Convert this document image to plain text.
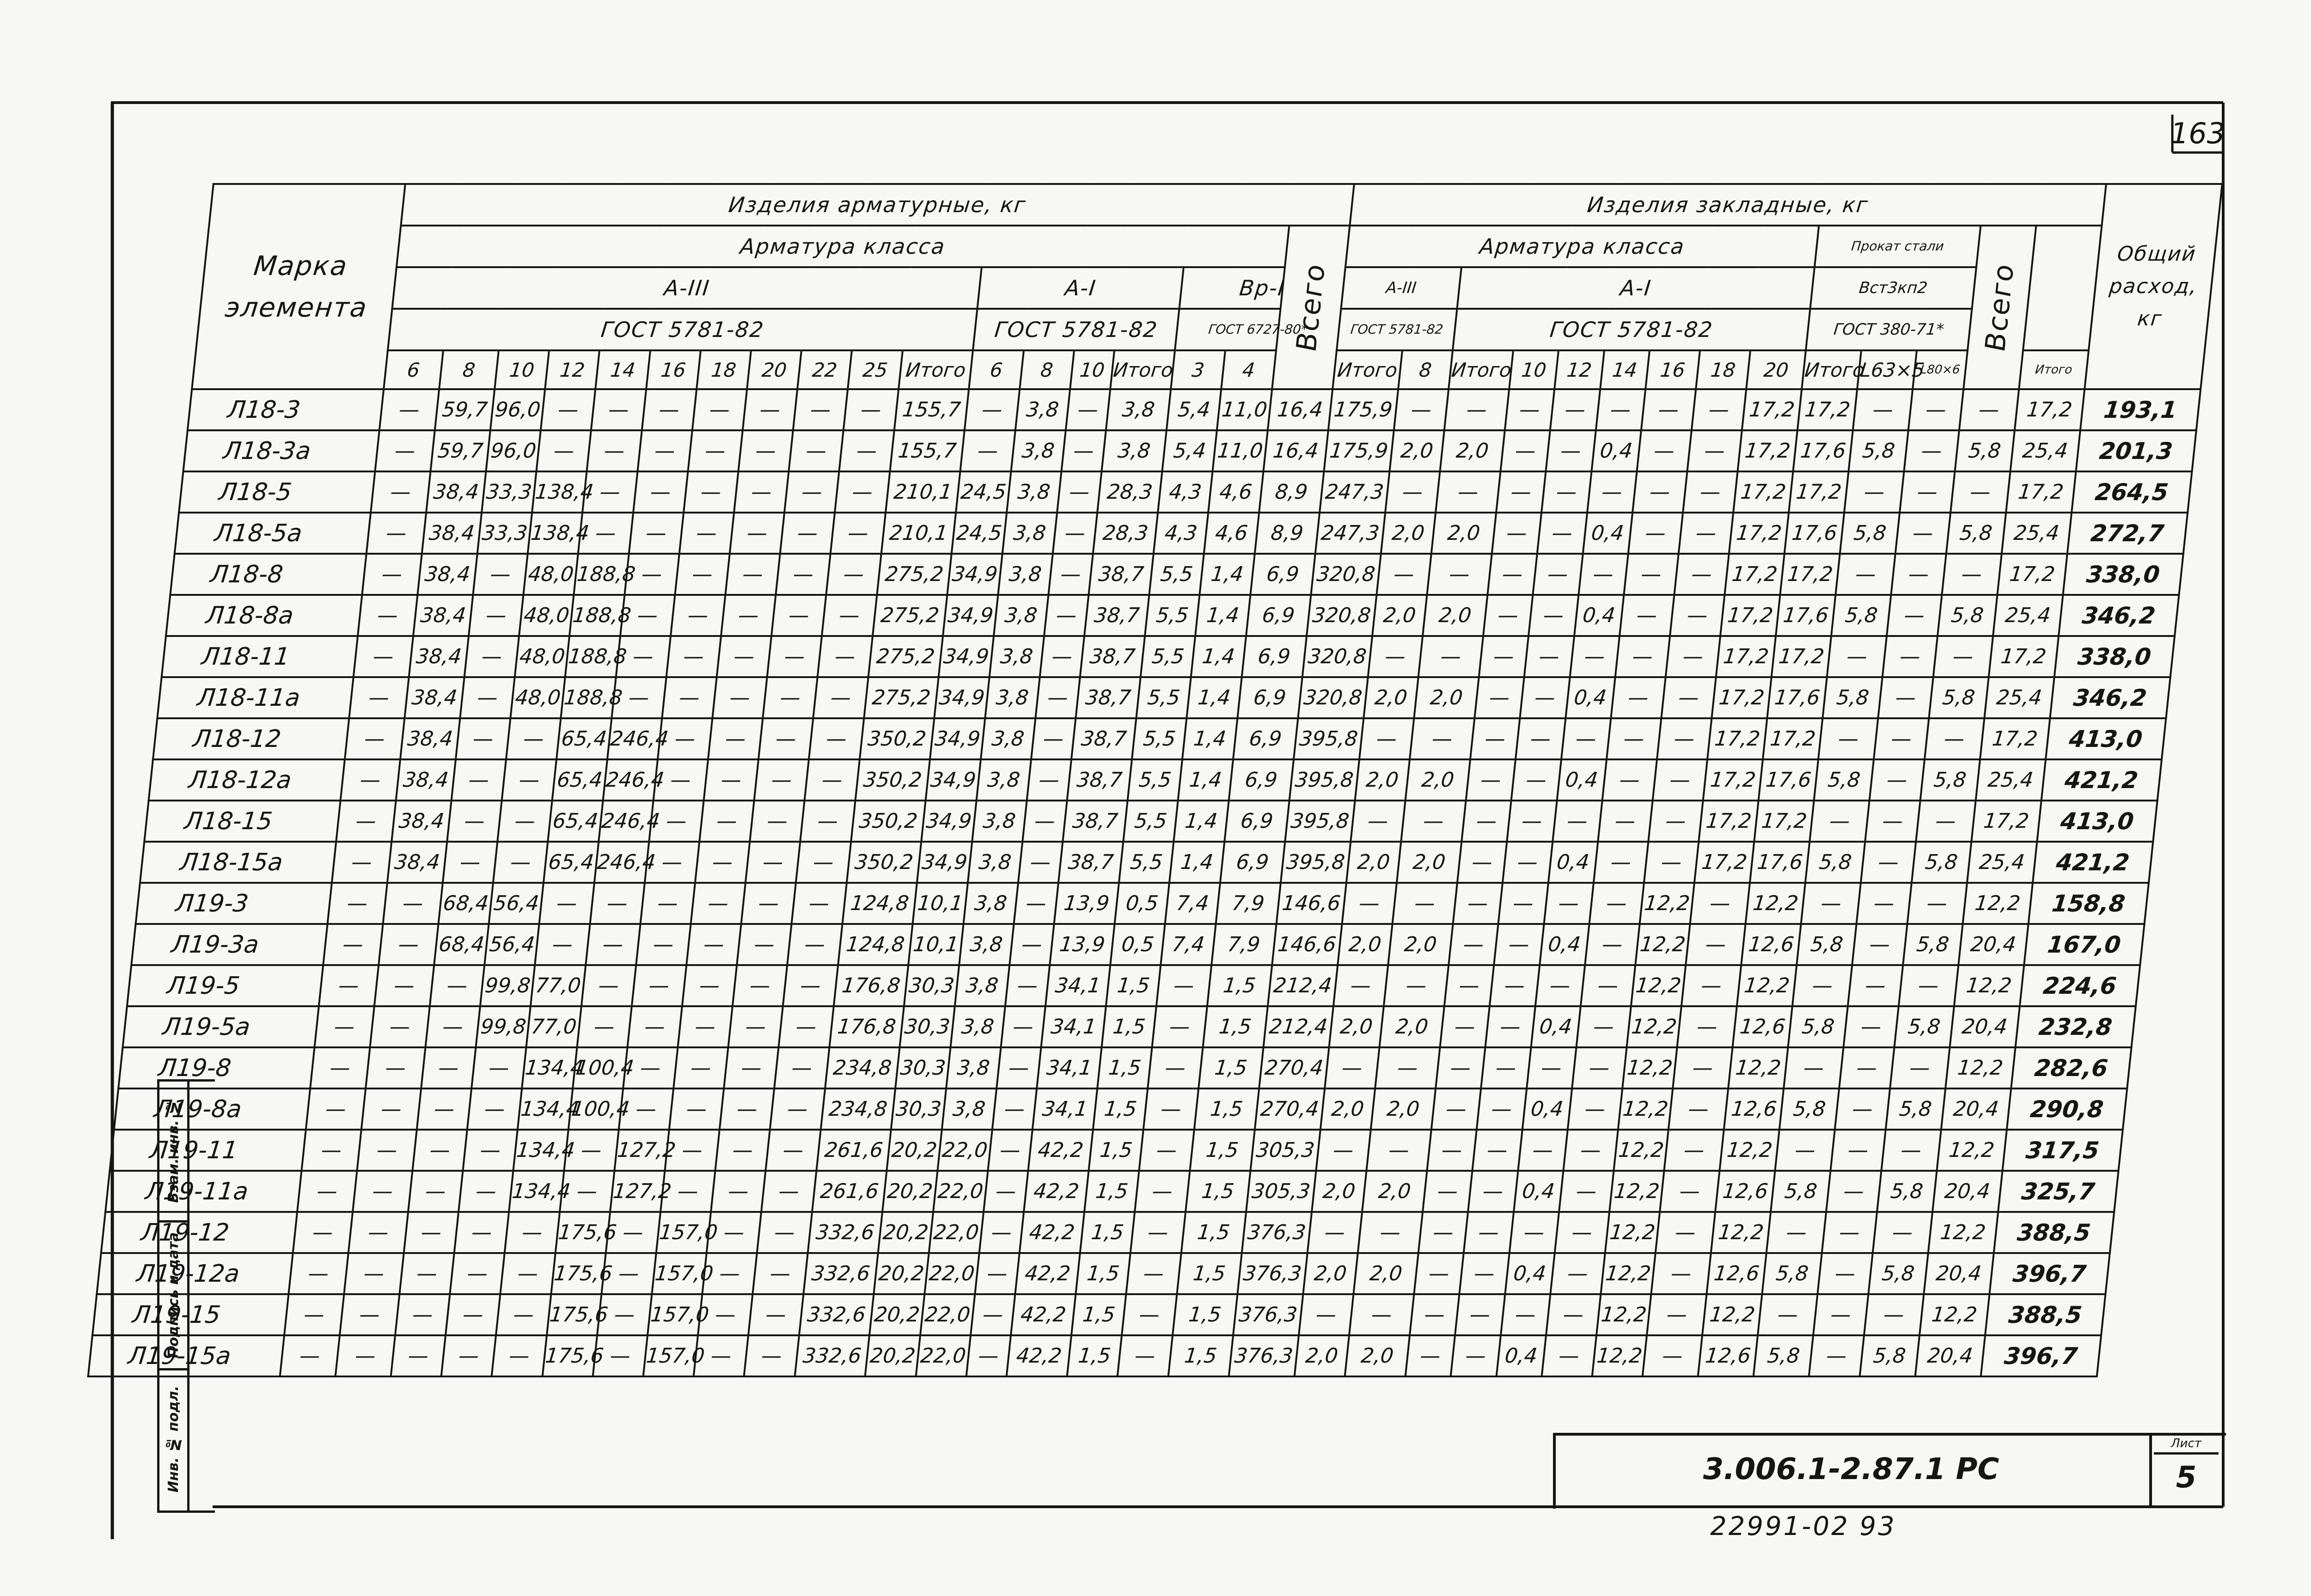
163
Марка элемента	Изделия арматурные, кг																		Изделия закладные, кг														Общий расход, кг
	Арматура класса																	Всего	Арматура класса									Прокат стали			Всего		
	А-III											А-I				Вр-I			А-III		А-I							Вст3кп2					
	ГОСТ 5781-82											ГОСТ 5781-82				ГОСТ 6727-80*			ГОСТ 5781-82		ГОСТ 5781-82							ГОСТ 380-71*					
	6	8	10	12	14	16	18	20	22	25	Итого	6	8	10	Итого	3	4		Итого	8	Итого	10	12	14	16	18	20	Итого	L63×5	L80×6		Итого	
Л18-3	—	59,7	96,0	—	—	—	—	—	—	—	155,7	—	3,8	—	3,8	5,4	11,0	16,4	175,9	—	—	—	—	—	—	—	17,2	17,2	—	—	—	17,2	193,1
Л18-3а	—	59,7	96,0	—	—	—	—	—	—	—	155,7	—	3,8	—	3,8	5,4	11,0	16,4	175,9	2,0	2,0	—	—	0,4	—	—	17,2	17,6	5,8	—	5,8	25,4	201,3
Л18-5	—	38,4	33,3	138,4	—	—	—	—	—	—	210,1	24,5	3,8	—	28,3	4,3	4,6	8,9	247,3	—	—	—	—	—	—	—	17,2	17,2	—	—	—	17,2	264,5
Л18-5а	—	38,4	33,3	138,4	—	—	—	—	—	—	210,1	24,5	3,8	—	28,3	4,3	4,6	8,9	247,3	2,0	2,0	—	—	0,4	—	—	17,2	17,6	5,8	—	5,8	25,4	272,7
Л18-8	—	38,4	—	48,0	188,8	—	—	—	—	—	275,2	34,9	3,8	—	38,7	5,5	1,4	6,9	320,8	—	—	—	—	—	—	—	17,2	17,2	—	—	—	17,2	338,0
Л18-8а	—	38,4	—	48,0	188,8	—	—	—	—	—	275,2	34,9	3,8	—	38,7	5,5	1,4	6,9	320,8	2,0	2,0	—	—	0,4	—	—	17,2	17,6	5,8	—	5,8	25,4	346,2
Л18-11	—	38,4	—	48,0	188,8	—	—	—	—	—	275,2	34,9	3,8	—	38,7	5,5	1,4	6,9	320,8	—	—	—	—	—	—	—	17,2	17,2	—	—	—	17,2	338,0
Л18-11а	—	38,4	—	48,0	188,8	—	—	—	—	—	275,2	34,9	3,8	—	38,7	5,5	1,4	6,9	320,8	2,0	2,0	—	—	0,4	—	—	17,2	17,6	5,8	—	5,8	25,4	346,2
Л18-12	—	38,4	—	—	65,4	246,4	—	—	—	—	350,2	34,9	3,8	—	38,7	5,5	1,4	6,9	395,8	—	—	—	—	—	—	—	17,2	17,2	—	—	—	17,2	413,0
Л18-12а	—	38,4	—	—	65,4	246,4	—	—	—	—	350,2	34,9	3,8	—	38,7	5,5	1,4	6,9	395,8	2,0	2,0	—	—	0,4	—	—	17,2	17,6	5,8	—	5,8	25,4	421,2
Л18-15	—	38,4	—	—	65,4	246,4	—	—	—	—	350,2	34,9	3,8	—	38,7	5,5	1,4	6,9	395,8	—	—	—	—	—	—	—	17,2	17,2	—	—	—	17,2	413,0
Л18-15а	—	38,4	—	—	65,4	246,4	—	—	—	—	350,2	34,9	3,8	—	38,7	5,5	1,4	6,9	395,8	2,0	2,0	—	—	0,4	—	—	17,2	17,6	5,8	—	5,8	25,4	421,2
Л19-3	—	—	68,4	56,4	—	—	—	—	—	—	124,8	10,1	3,8	—	13,9	0,5	7,4	7,9	146,6	—	—	—	—	—	—	12,2	—	12,2	—	—	—	12,2	158,8
Л19-3а	—	—	68,4	56,4	—	—	—	—	—	—	124,8	10,1	3,8	—	13,9	0,5	7,4	7,9	146,6	2,0	2,0	—	—	0,4	—	12,2	—	12,6	5,8	—	5,8	20,4	167,0
Л19-5	—	—	—	99,8	77,0	—	—	—	—	—	176,8	30,3	3,8	—	34,1	1,5	—	1,5	212,4	—	—	—	—	—	—	12,2	—	12,2	—	—	—	12,2	224,6
Л19-5а	—	—	—	99,8	77,0	—	—	—	—	—	176,8	30,3	3,8	—	34,1	1,5	—	1,5	212,4	2,0	2,0	—	—	0,4	—	12,2	—	12,6	5,8	—	5,8	20,4	232,8
Л19-8	—	—	—	—	134,4	100,4	—	—	—	—	234,8	30,3	3,8	—	34,1	1,5	—	1,5	270,4	—	—	—	—	—	—	12,2	—	12,2	—	—	—	12,2	282,6
Л19-8а	—	—	—	—	134,4	100,4	—	—	—	—	234,8	30,3	3,8	—	34,1	1,5	—	1,5	270,4	2,0	2,0	—	—	0,4	—	12,2	—	12,6	5,8	—	5,8	20,4	290,8
Л19-11	—	—	—	—	134,4	—	127,2	—	—	—	261,6	20,2	22,0	—	42,2	1,5	—	1,5	305,3	—	—	—	—	—	—	12,2	—	12,2	—	—	—	12,2	317,5
Л19-11а	—	—	—	—	134,4	—	127,2	—	—	—	261,6	20,2	22,0	—	42,2	1,5	—	1,5	305,3	2,0	2,0	—	—	0,4	—	12,2	—	12,6	5,8	—	5,8	20,4	325,7
Л19-12	—	—	—	—	—	175,6	—	157,0	—	—	332,6	20,2	22,0	—	42,2	1,5	—	1,5	376,3	—	—	—	—	—	—	12,2	—	12,2	—	—	—	12,2	388,5
Л19-12а	—	—	—	—	—	175,6	—	157,0	—	—	332,6	20,2	22,0	—	42,2	1,5	—	1,5	376,3	2,0	2,0	—	—	0,4	—	12,2	—	12,6	5,8	—	5,8	20,4	396,7
Л19-15	—	—	—	—	—	175,6	—	157,0	—	—	332,6	20,2	22,0	—	42,2	1,5	—	1,5	376,3	—	—	—	—	—	—	12,2	—	12,2	—	—	—	12,2	388,5
Л19-15а	—	—	—	—	—	175,6	—	157,0	—	—	332,6	20,2	22,0	—	42,2	1,5	—	1,5	376,3	2,0	2,0	—	—	0,4	—	12,2	—	12,6	5,8	—	5,8	20,4	396,7

Взам. инв. №
Подпись и дата
Инв. № подл.	3.006.1-2.87.1 РС
Лист
5
22991-02 93
